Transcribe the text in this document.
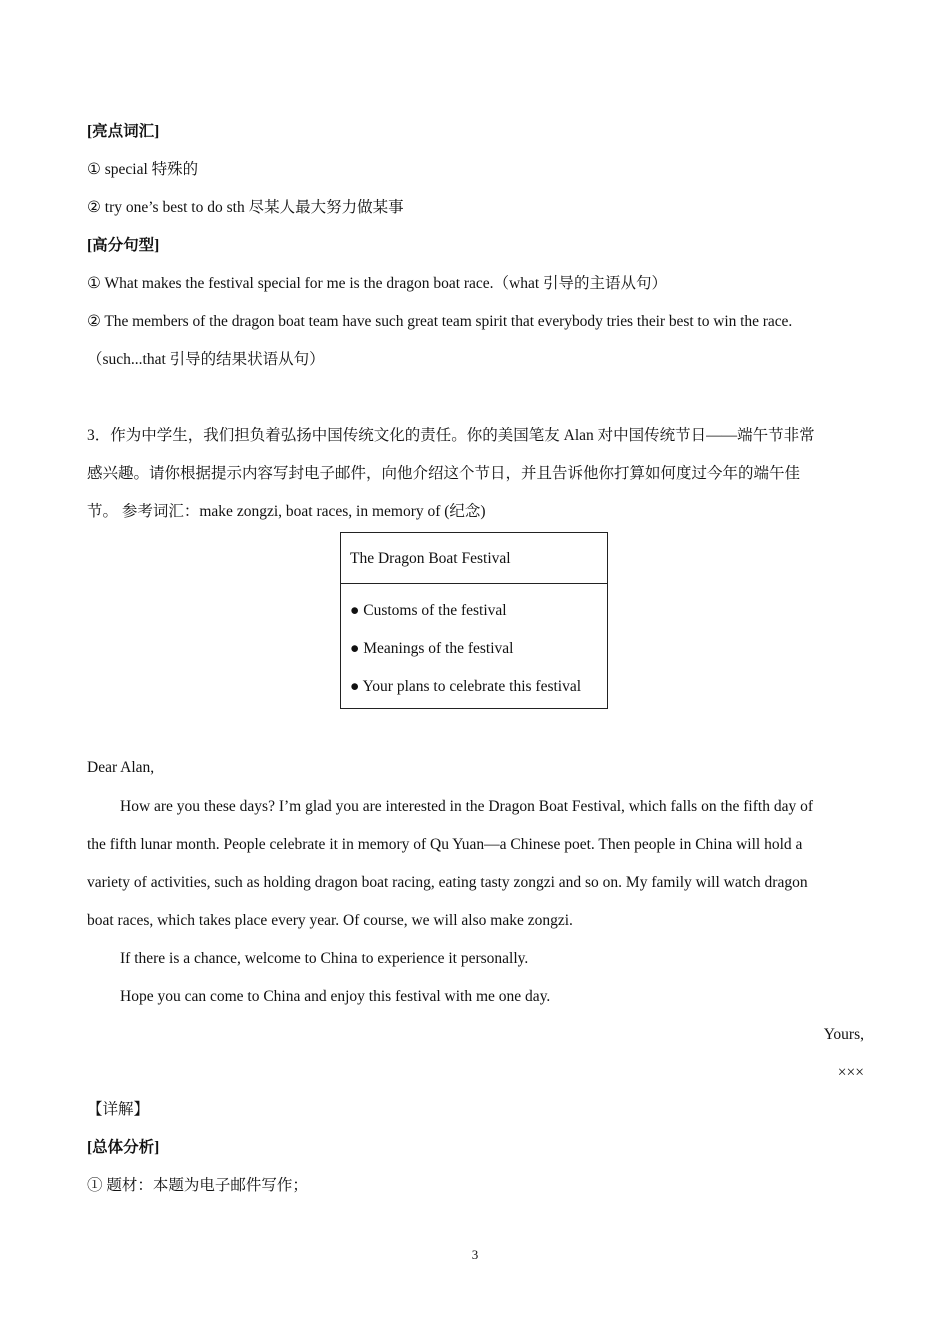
[亮点词汇]
① special 特殊的
② try one’s best to do sth 尽某人最大努力做某事
[高分句型]
① What makes the festival special for me is the dragon boat race.（what 引导的主语从句）
② The members of the dragon boat team have such great team spirit that everybody tries their best to win the race.
（such...that 引导的结果状语从句）
3．作为中学生，我们担负着弘扬中国传统文化的责任。你的美国笔友 Alan 对中国传统节日——端午节非常
感兴趣。请你根据提示内容写封电子邮件，向他介绍这个节日，并且告诉他你打算如何度过今年的端午佳
节。 参考词汇：make zongzi, boat races, in memory of (纪念)
The Dragon Boat Festival
● Customs of the festival
● Meanings of the festival
● Your plans to celebrate this festival
Dear Alan,
How are you these days? I’m glad you are interested in the Dragon Boat Festival, which falls on the fifth day of
the fifth lunar month. People celebrate it in memory of Qu Yuan—a Chinese poet. Then people in China will hold a
variety of activities, such as holding dragon boat racing, eating tasty zongzi and so on. My family will watch dragon
boat races, which takes place every year. Of course, we will also make zongzi.
If there is a chance, welcome to China to experience it personally.
Hope you can come to China and enjoy this festival with me one day.
Yours,
×××
【详解】
[总体分析]
① 题材：本题为电子邮件写作；
3
